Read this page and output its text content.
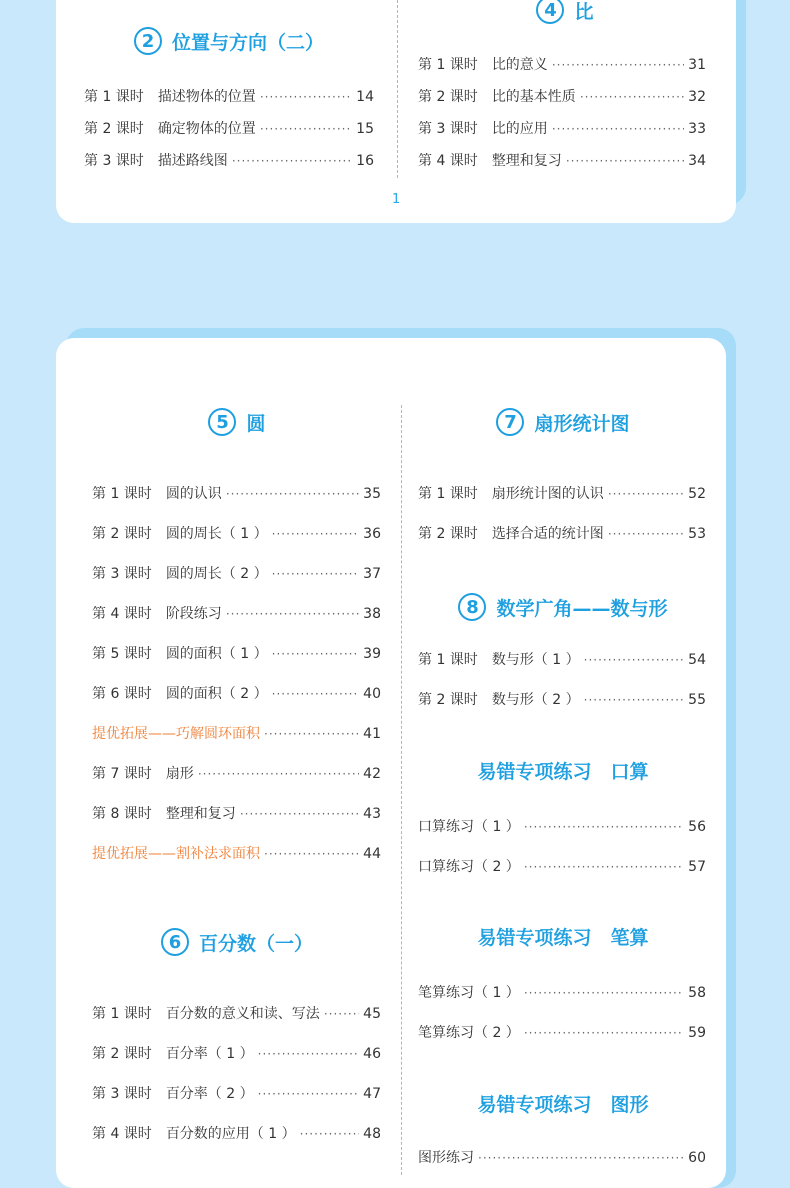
1
2 位置与方向（二）
4 比
5 圆
6 百分数（一）
7 扇形统计图
8 数学广角——数与形
易错专项练习　口算
易错专项练习　笔算
易错专项练习　图形
第 1 课时 描述物体的位置 ·····	14
第 2 课时 确定物体的位置 ·····	15
第 3 课时 描述路线图 ·····	16
第 1 课时 比的意义 ·····	31
第 2 课时 比的基本性质 ·····	32
第 3 课时 比的应用 ·····	33
第 4 课时 整理和复习 ·····	34
第 1 课时 圆的认识 ·····	35
第 2 课时 圆的周长（ 1 ） ·····	36
第 3 课时 圆的周长（ 2 ） ·····	37
第 4 课时 阶段练习 ·····	38
第 5 课时 圆的面积（ 1 ） ·····	39
第 6 课时 圆的面积（ 2 ） ·····	40
提优拓展——巧解圆环面积 ·····	41
第 7 课时 扇形 ·····	42
第 8 课时 整理和复习 ·····	43
提优拓展——割补法求面积 ·····	44
第 1 课时 百分数的意义和读、写法 ·····	45
第 2 课时 百分率（ 1 ） ·····	46
第 3 课时 百分率（ 2 ） ·····	47
第 4 课时 百分数的应用（ 1 ） ·····	48
第 1 课时 扇形统计图的认识 ·····	52
第 2 课时 选择合适的统计图 ·····	53
第 1 课时 数与形（ 1 ） ·····	54
第 2 课时 数与形（ 2 ） ·····	55
口算练习（ 1 ） ·····	56
口算练习（ 2 ） ·····	57
笔算练习（ 1 ） ·····	58
笔算练习（ 2 ） ·····	59
图形练习 ·····	60
